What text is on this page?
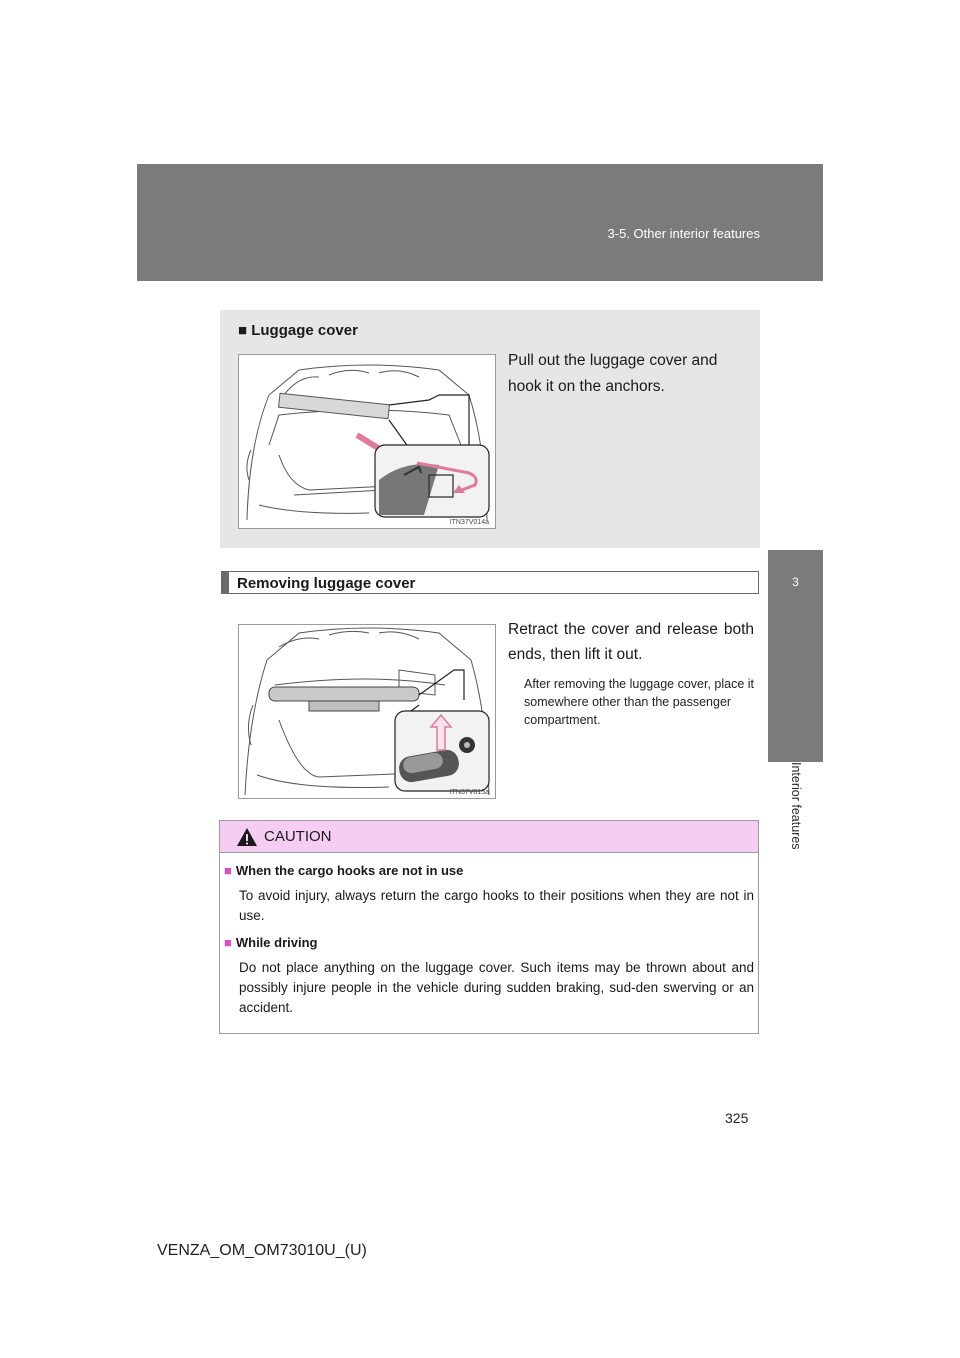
3-5. Other interior features
3
Interior features
■ Luggage cover
Pull out the luggage cover and hook it on the anchors.
ITN37V014a
Removing luggage cover
ITN37V015a
Retract the cover and release both ends, then lift it out.
After removing the luggage cover, place it somewhere other than the passenger compartment.
CAUTION
■ When the cargo hooks are not in use
To avoid injury, always return the cargo hooks to their positions when they are not in use.
■ While driving
Do not place anything on the luggage cover. Such items may be thrown about and possibly injure people in the vehicle during sudden braking, sud-den swerving or an accident.
325
VENZA_OM_OM73010U_(U)
